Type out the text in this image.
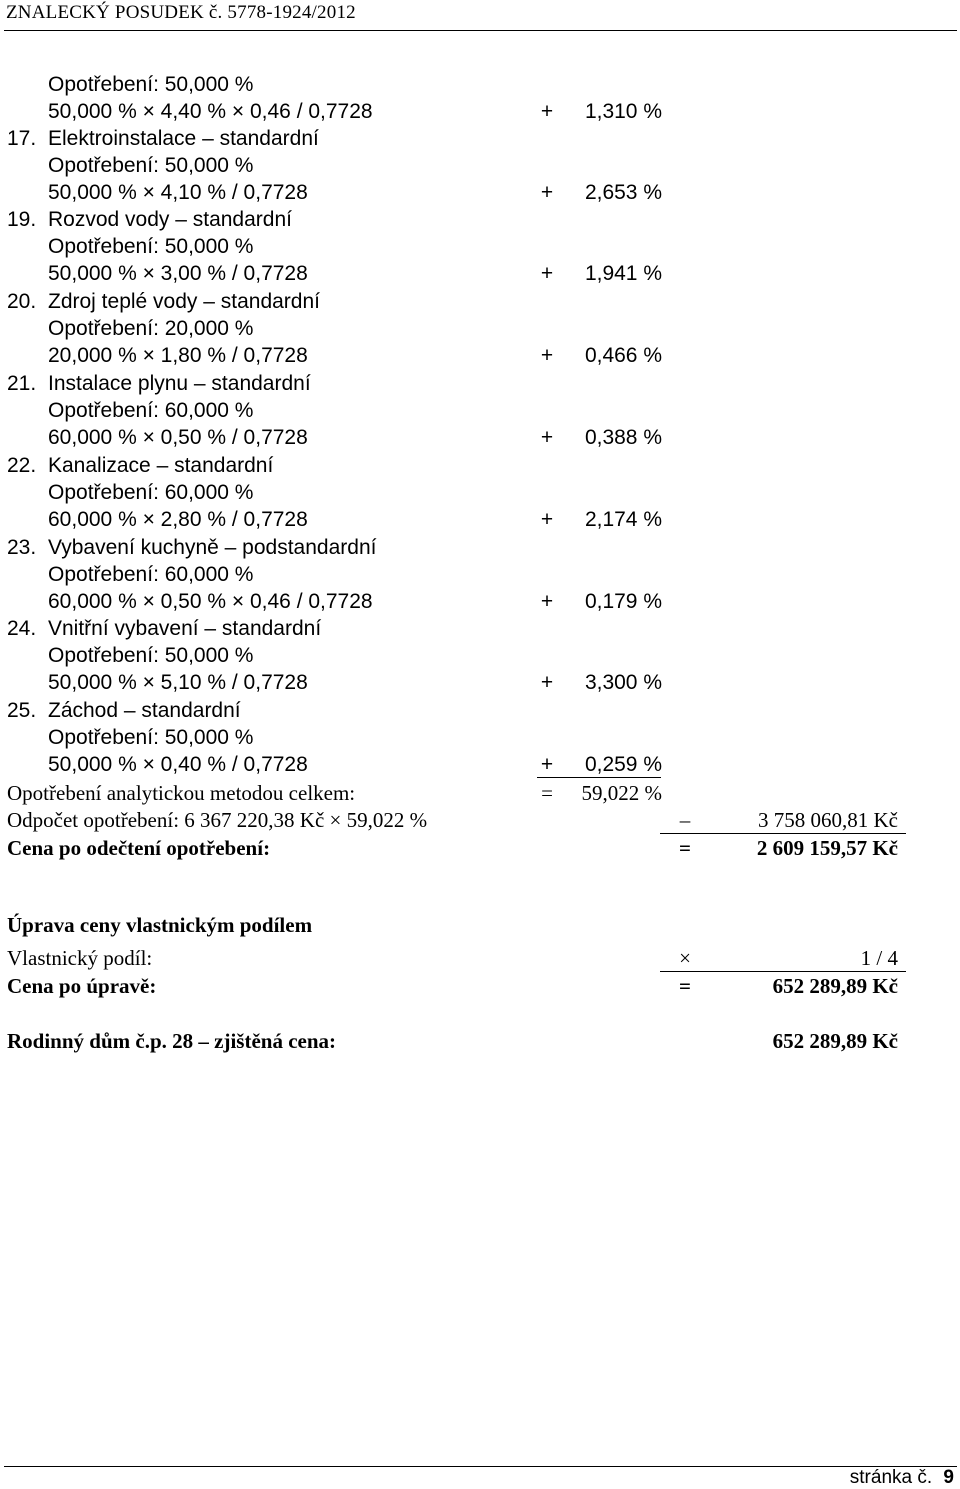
ZNALECKÝ POSUDEK č. 5778-1924/2012
Opotřebení: 50,000 %
50,000 % × 4,40 % × 0,46 / 0,7728	+	1,310 %
17. Elektroinstalace – standardní
Opotřebení: 50,000 %
50,000 % × 4,10 % / 0,7728	+	2,653 %
19. Rozvod vody – standardní
Opotřebení: 50,000 %
50,000 % × 3,00 % / 0,7728	+	1,941 %
20. Zdroj teplé vody – standardní
Opotřebení: 20,000 %
20,000 % × 1,80 % / 0,7728	+	0,466 %
21. Instalace plynu – standardní
Opotřebení: 60,000 %
60,000 % × 0,50 % / 0,7728	+	0,388 %
22. Kanalizace – standardní
Opotřebení: 60,000 %
60,000 % × 2,80 % / 0,7728	+	2,174 %
23. Vybavení kuchyně – podstandardní
Opotřebení: 60,000 %
60,000 % × 0,50 % × 0,46 / 0,7728	+	0,179 %
24. Vnitřní vybavení – standardní
Opotřebení: 50,000 %
50,000 % × 5,10 % / 0,7728	+	3,300 %
25. Záchod – standardní
Opotřebení: 50,000 %
50,000 % × 0,40 % / 0,7728	+	0,259 %
Opotřebení analytickou metodou celkem:	=	59,022 %
Odpočet opotřebení: 6 367 220,38 Kč × 59,022 %	–	3 758 060,81 Kč
Cena po odečtení opotřebení:	=	2 609 159,57 Kč
Úprava ceny vlastnickým podílem
Vlastnický podíl:	×	1 / 4
Cena po úpravě:	=	652 289,89 Kč
Rodinný dům č.p. 28 – zjištěná cena:	652 289,89 Kč
stránka č. 9
